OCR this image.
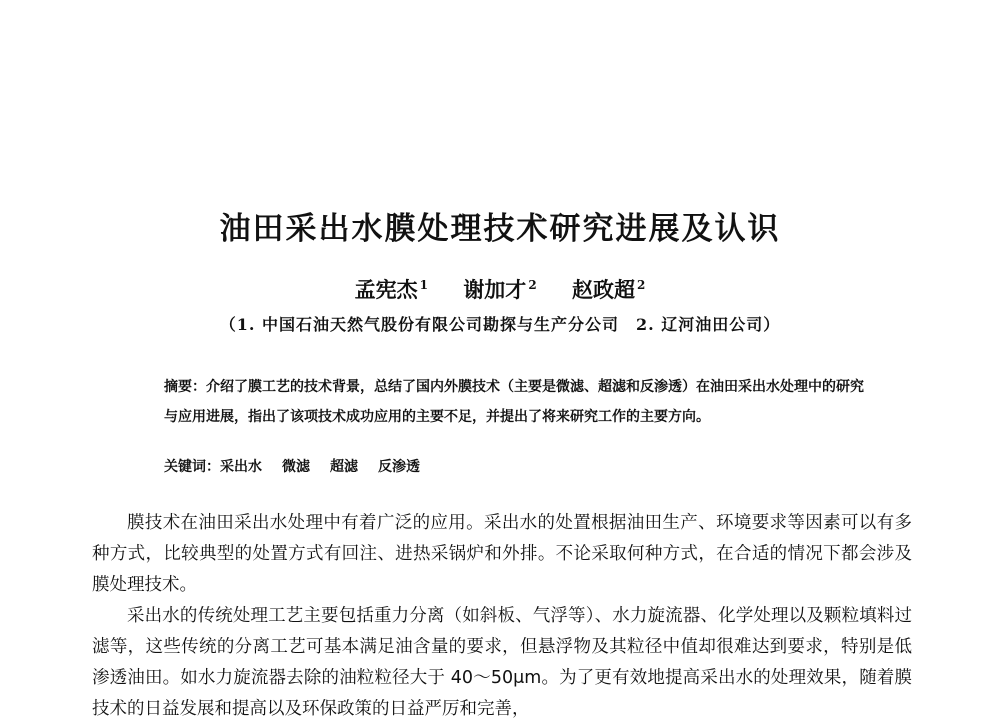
油田采出水膜处理技术研究进展及认识
孟宪杰 $^1$ 谢加才 $^2$ 赵政超 $^2$
（1. 中国石油天然气股份有限公司勘探与生产分公司　2. 辽河油田公司）
摘要：介绍了膜工艺的技术背景，总结了国内外膜技术（主要是微滤、超滤和反渗透）在油田采出水处理中的研究与应用进展，指出了该项技术成功应用的主要不足，并提出了将来研究工作的主要方向。
关键词：采出水 微滤 超滤 反渗透

膜技术在油田采出水处理中有着广泛的应用。采出水的处置根据油田生产、环境要求等因素可以有多种方式，比较典型的处置方式有回注、进热采锅炉和外排。不论采取何种方式，在合适的情况下都会涉及膜处理技术。

采出水的传统处理工艺主要包括重力分离（如斜板、气浮等）、水力旋流器、化学处理以及颗粒填料过滤等，这些传统的分离工艺可基本满足油含量的要求，但悬浮物及其粒径中值却很难达到要求，特别是低渗透油田。如水力旋流器去除的油粒粒径大于 40～50μm。为了更有效地提高采出水的处理效果，随着膜技术的日益发展和提高以及环保政策的日益严厉和完善，
